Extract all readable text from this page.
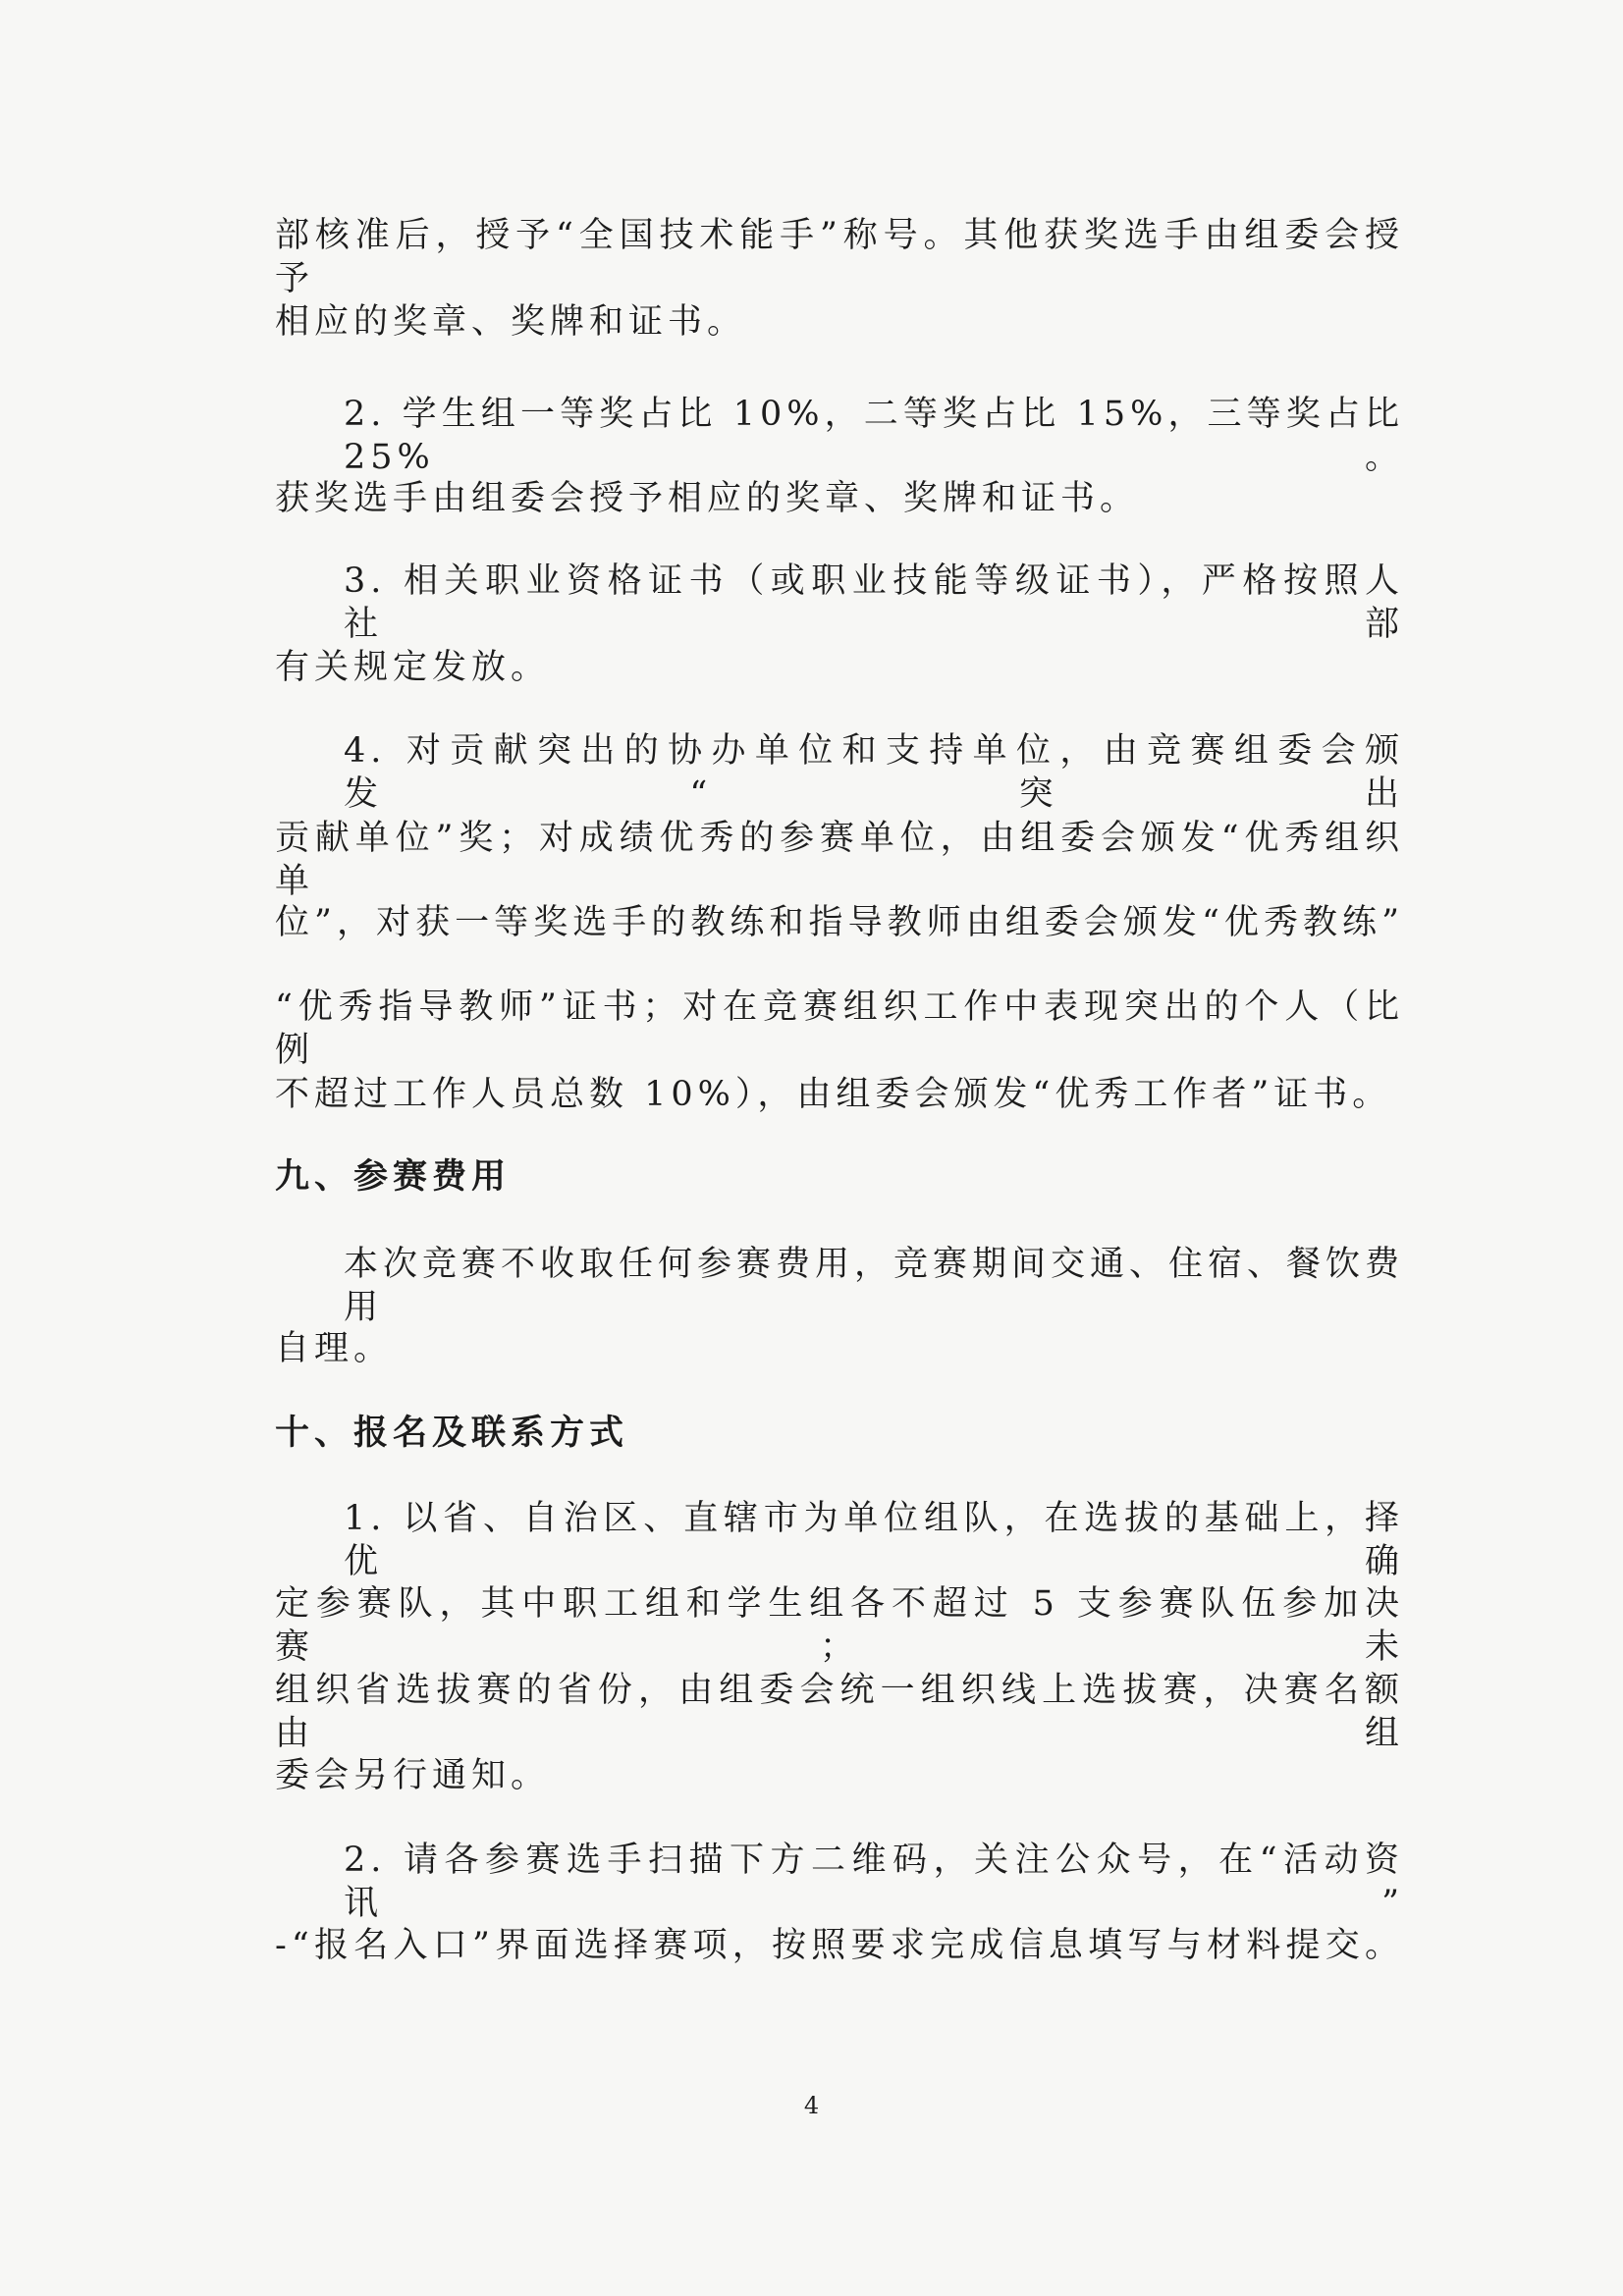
部核准后，授予“全国技术能手”称号。其他获奖选手由组委会授予
相应的奖章、奖牌和证书。
2. 学生组一等奖占比 10%，二等奖占比 15%，三等奖占比 25%。
获奖选手由组委会授予相应的奖章、奖牌和证书。
3. 相关职业资格证书（或职业技能等级证书），严格按照人社部
有关规定发放。
4. 对贡献突出的协办单位和支持单位，由竞赛组委会颁发“突出
贡献单位”奖；对成绩优秀的参赛单位，由组委会颁发“优秀组织单
位”，对获一等奖选手的教练和指导教师由组委会颁发“优秀教练”
“优秀指导教师”证书；对在竞赛组织工作中表现突出的个人（比例
不超过工作人员总数 10%），由组委会颁发“优秀工作者”证书。
九、参赛费用
本次竞赛不收取任何参赛费用，竞赛期间交通、住宿、餐饮费用
自理。
十、报名及联系方式
1. 以省、自治区、直辖市为单位组队，在选拔的基础上，择优确
定参赛队，其中职工组和学生组各不超过 5 支参赛队伍参加决赛；未
组织省选拔赛的省份，由组委会统一组织线上选拔赛，决赛名额由组
委会另行通知。
2. 请各参赛选手扫描下方二维码，关注公众号，在“活动资讯”
-“报名入口”界面选择赛项，按照要求完成信息填写与材料提交。
4
